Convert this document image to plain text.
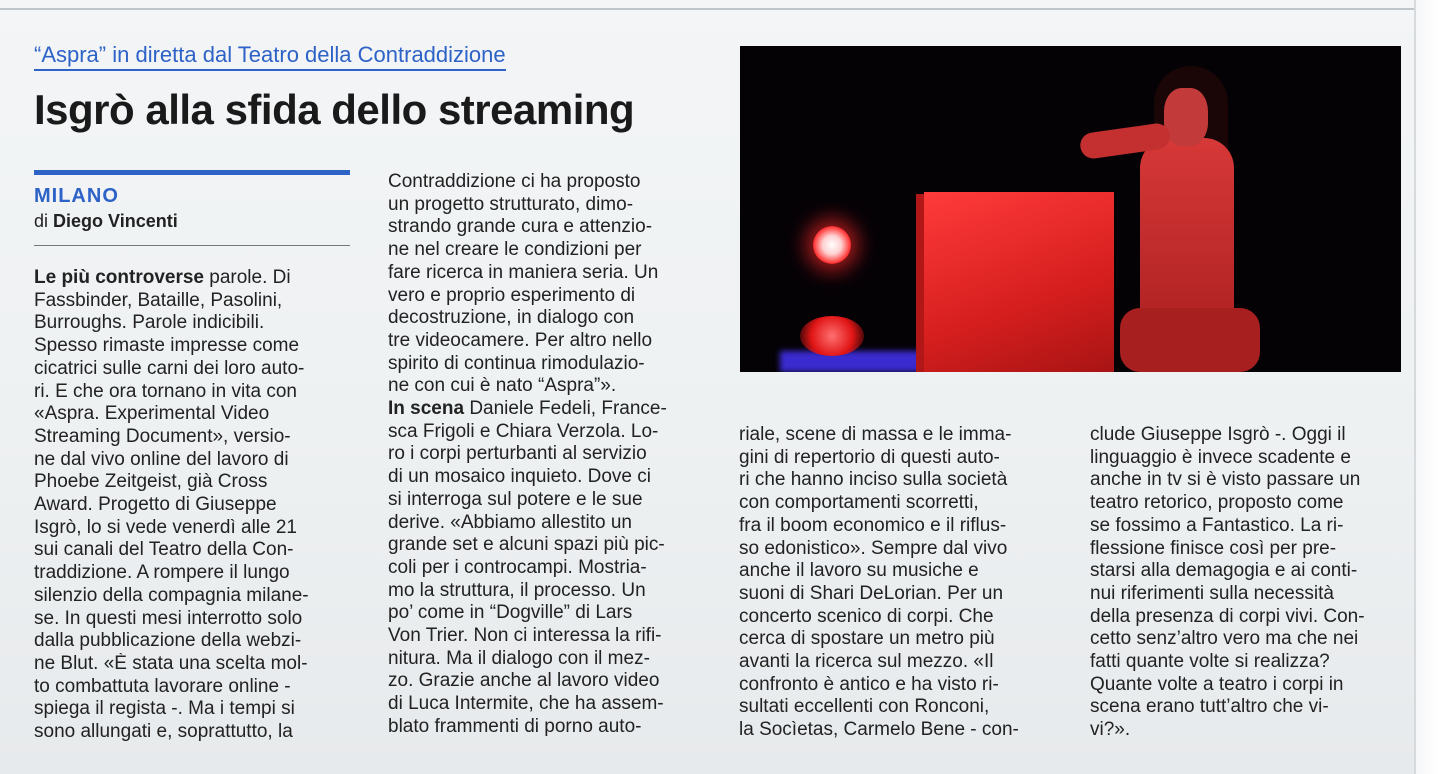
“Aspra” in diretta dal Teatro della Contraddizione
Isgrò alla sfida dello streaming
MILANO
di Diego Vincenti
Le più controverse parole. Di
Fassbinder, Bataille, Pasolini,
Burroughs. Parole indicibili.
Spesso rimaste impresse come
cicatrici sulle carni dei loro auto-
ri. E che ora tornano in vita con
«Aspra. Experimental Video
Streaming Document», versio-
ne dal vivo online del lavoro di
Phoebe Zeitgeist, già Cross
Award. Progetto di Giuseppe
Isgrò, lo si vede venerdì alle 21
sui canali del Teatro della Con-
traddizione. A rompere il lungo
silenzio della compagnia milane-
se. In questi mesi interrotto solo
dalla pubblicazione della webzi-
ne Blut. «È stata una scelta mol-
to combattuta lavorare online -
spiega il regista -. Ma i tempi si
sono allungati e, soprattutto, la
Contraddizione ci ha proposto
un progetto strutturato, dimo-
strando grande cura e attenzio-
ne nel creare le condizioni per
fare ricerca in maniera seria. Un
vero e proprio esperimento di
decostruzione, in dialogo con
tre videocamere. Per altro nello
spirito di continua rimodulazio-
ne con cui è nato “Aspra”».
In scena Daniele Fedeli, France-
sca Frigoli e Chiara Verzola. Lo-
ro i corpi perturbanti al servizio
di un mosaico inquieto. Dove ci
si interroga sul potere e le sue
derive. «Abbiamo allestito un
grande set e alcuni spazi più pic-
coli per i controcampi. Mostria-
mo la struttura, il processo. Un
po’ come in “Dogville” di Lars
Von Trier. Non ci interessa la rifi-
nitura. Ma il dialogo con il mez-
zo. Grazie anche al lavoro video
di Luca Intermite, che ha assem-
blato frammenti di porno auto-
riale, scene di massa e le imma-
gini di repertorio di questi auto-
ri che hanno inciso sulla società
con comportamenti scorretti,
fra il boom economico e il riflus-
so edonistico». Sempre dal vivo
anche il lavoro su musiche e
suoni di Shari DeLorian. Per un
concerto scenico di corpi. Che
cerca di spostare un metro più
avanti la ricerca sul mezzo. «Il
confronto è antico e ha visto ri-
sultati eccellenti con Ronconi,
la Socìetas, Carmelo Bene - con-
clude Giuseppe Isgrò -. Oggi il
linguaggio è invece scadente e
anche in tv si è visto passare un
teatro retorico, proposto come
se fossimo a Fantastico. La ri-
flessione finisce così per pre-
starsi alla demagogia e ai conti-
nui riferimenti sulla necessità
della presenza di corpi vivi. Con-
cetto senz’altro vero ma che nei
fatti quante volte si realizza?
Quante volte a teatro i corpi in
scena erano tutt’altro che vi-
vi?».
